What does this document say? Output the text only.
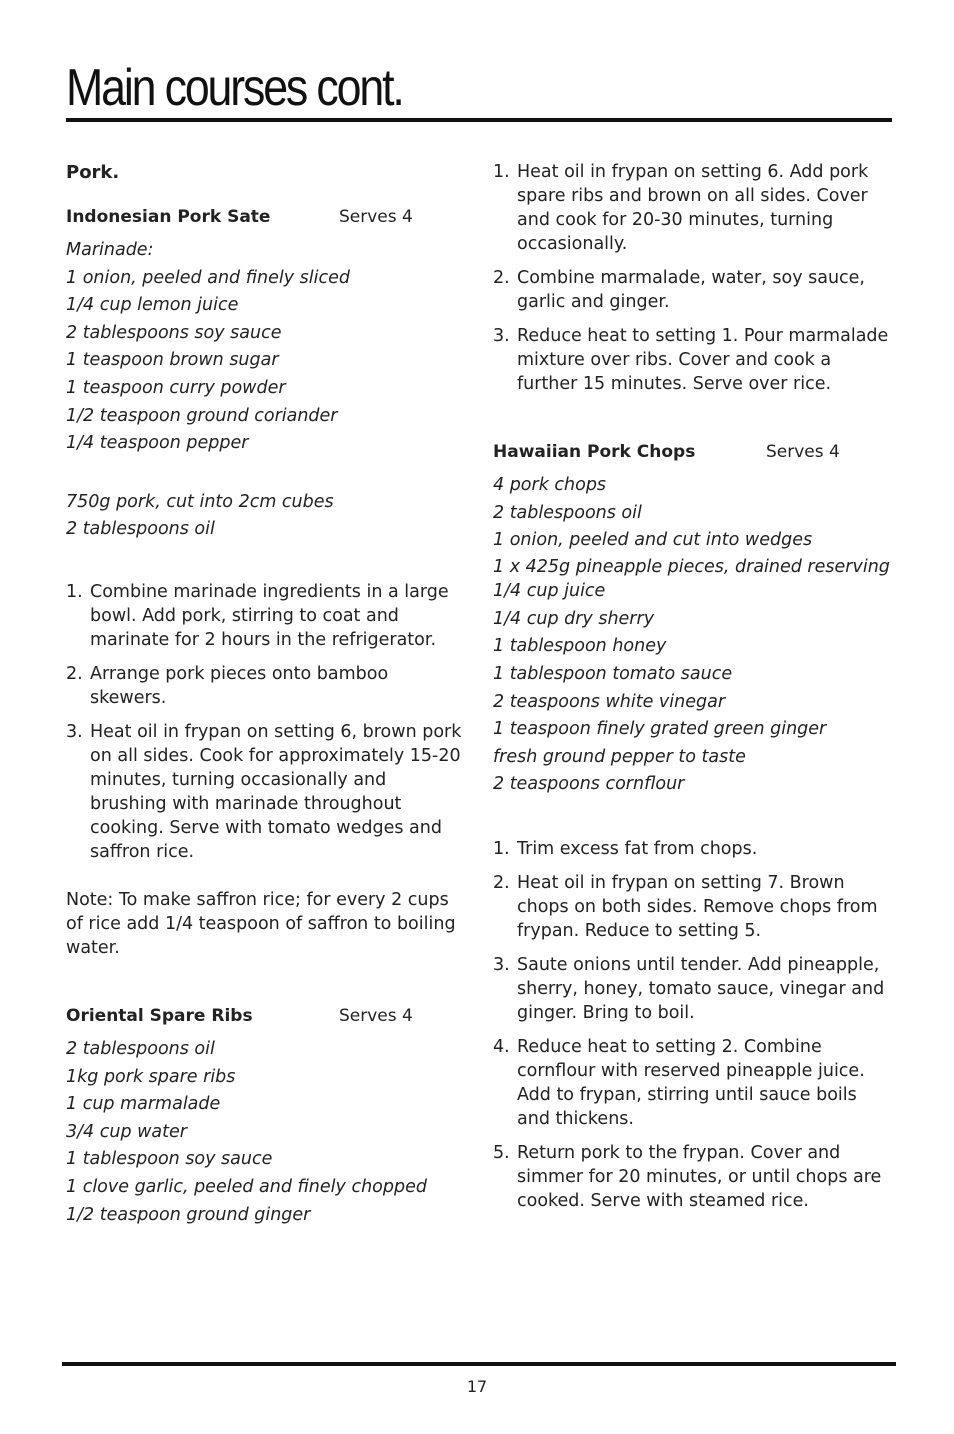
Main courses cont.
Pork.
Indonesian Pork Sate	Serves 4
Marinade:
1 onion, peeled and finely sliced
1/4 cup lemon juice
2 tablespoons soy sauce
1 teaspoon brown sugar
1 teaspoon curry powder
1/2 teaspoon ground coriander
1/4 teaspoon pepper
750g pork, cut into 2cm cubes
2 tablespoons oil
1. Combine marinade ingredients in a large bowl. Add pork, stirring to coat and marinate for 2 hours in the refrigerator.
2. Arrange pork pieces onto bamboo skewers.
3. Heat oil in frypan on setting 6, brown pork on all sides. Cook for approximately 15-20 minutes, turning occasionally and brushing with marinade throughout cooking. Serve with tomato wedges and saffron rice.
Note: To make saffron rice; for every 2 cups of rice add 1/4 teaspoon of saffron to boiling water.
Oriental Spare Ribs	Serves 4
2 tablespoons oil
1kg pork spare ribs
1 cup marmalade
3/4 cup water
1 tablespoon soy sauce
1 clove garlic, peeled and finely chopped
1/2 teaspoon ground ginger
1. Heat oil in frypan on setting 6. Add pork spare ribs and brown on all sides. Cover and cook for 20-30 minutes, turning occasionally.
2. Combine marmalade, water, soy sauce, garlic and ginger.
3. Reduce heat to setting 1. Pour marmalade mixture over ribs. Cover and cook a further 15 minutes. Serve over rice.
Hawaiian Pork Chops	Serves 4
4 pork chops
2 tablespoons oil
1 onion, peeled and cut into wedges
1 x 425g pineapple pieces, drained reserving 1/4 cup juice
1/4 cup dry sherry
1 tablespoon honey
1 tablespoon tomato sauce
2 teaspoons white vinegar
1 teaspoon finely grated green ginger
fresh ground pepper to taste
2 teaspoons cornflour
1. Trim excess fat from chops.
2. Heat oil in frypan on setting 7. Brown chops on both sides. Remove chops from frypan. Reduce to setting 5.
3. Saute onions until tender. Add pineapple, sherry, honey, tomato sauce, vinegar and ginger. Bring to boil.
4. Reduce heat to setting 2. Combine cornflour with reserved pineapple juice. Add to frypan, stirring until sauce boils and thickens.
5. Return pork to the frypan. Cover and simmer for 20 minutes, or until chops are cooked. Serve with steamed rice.
17
